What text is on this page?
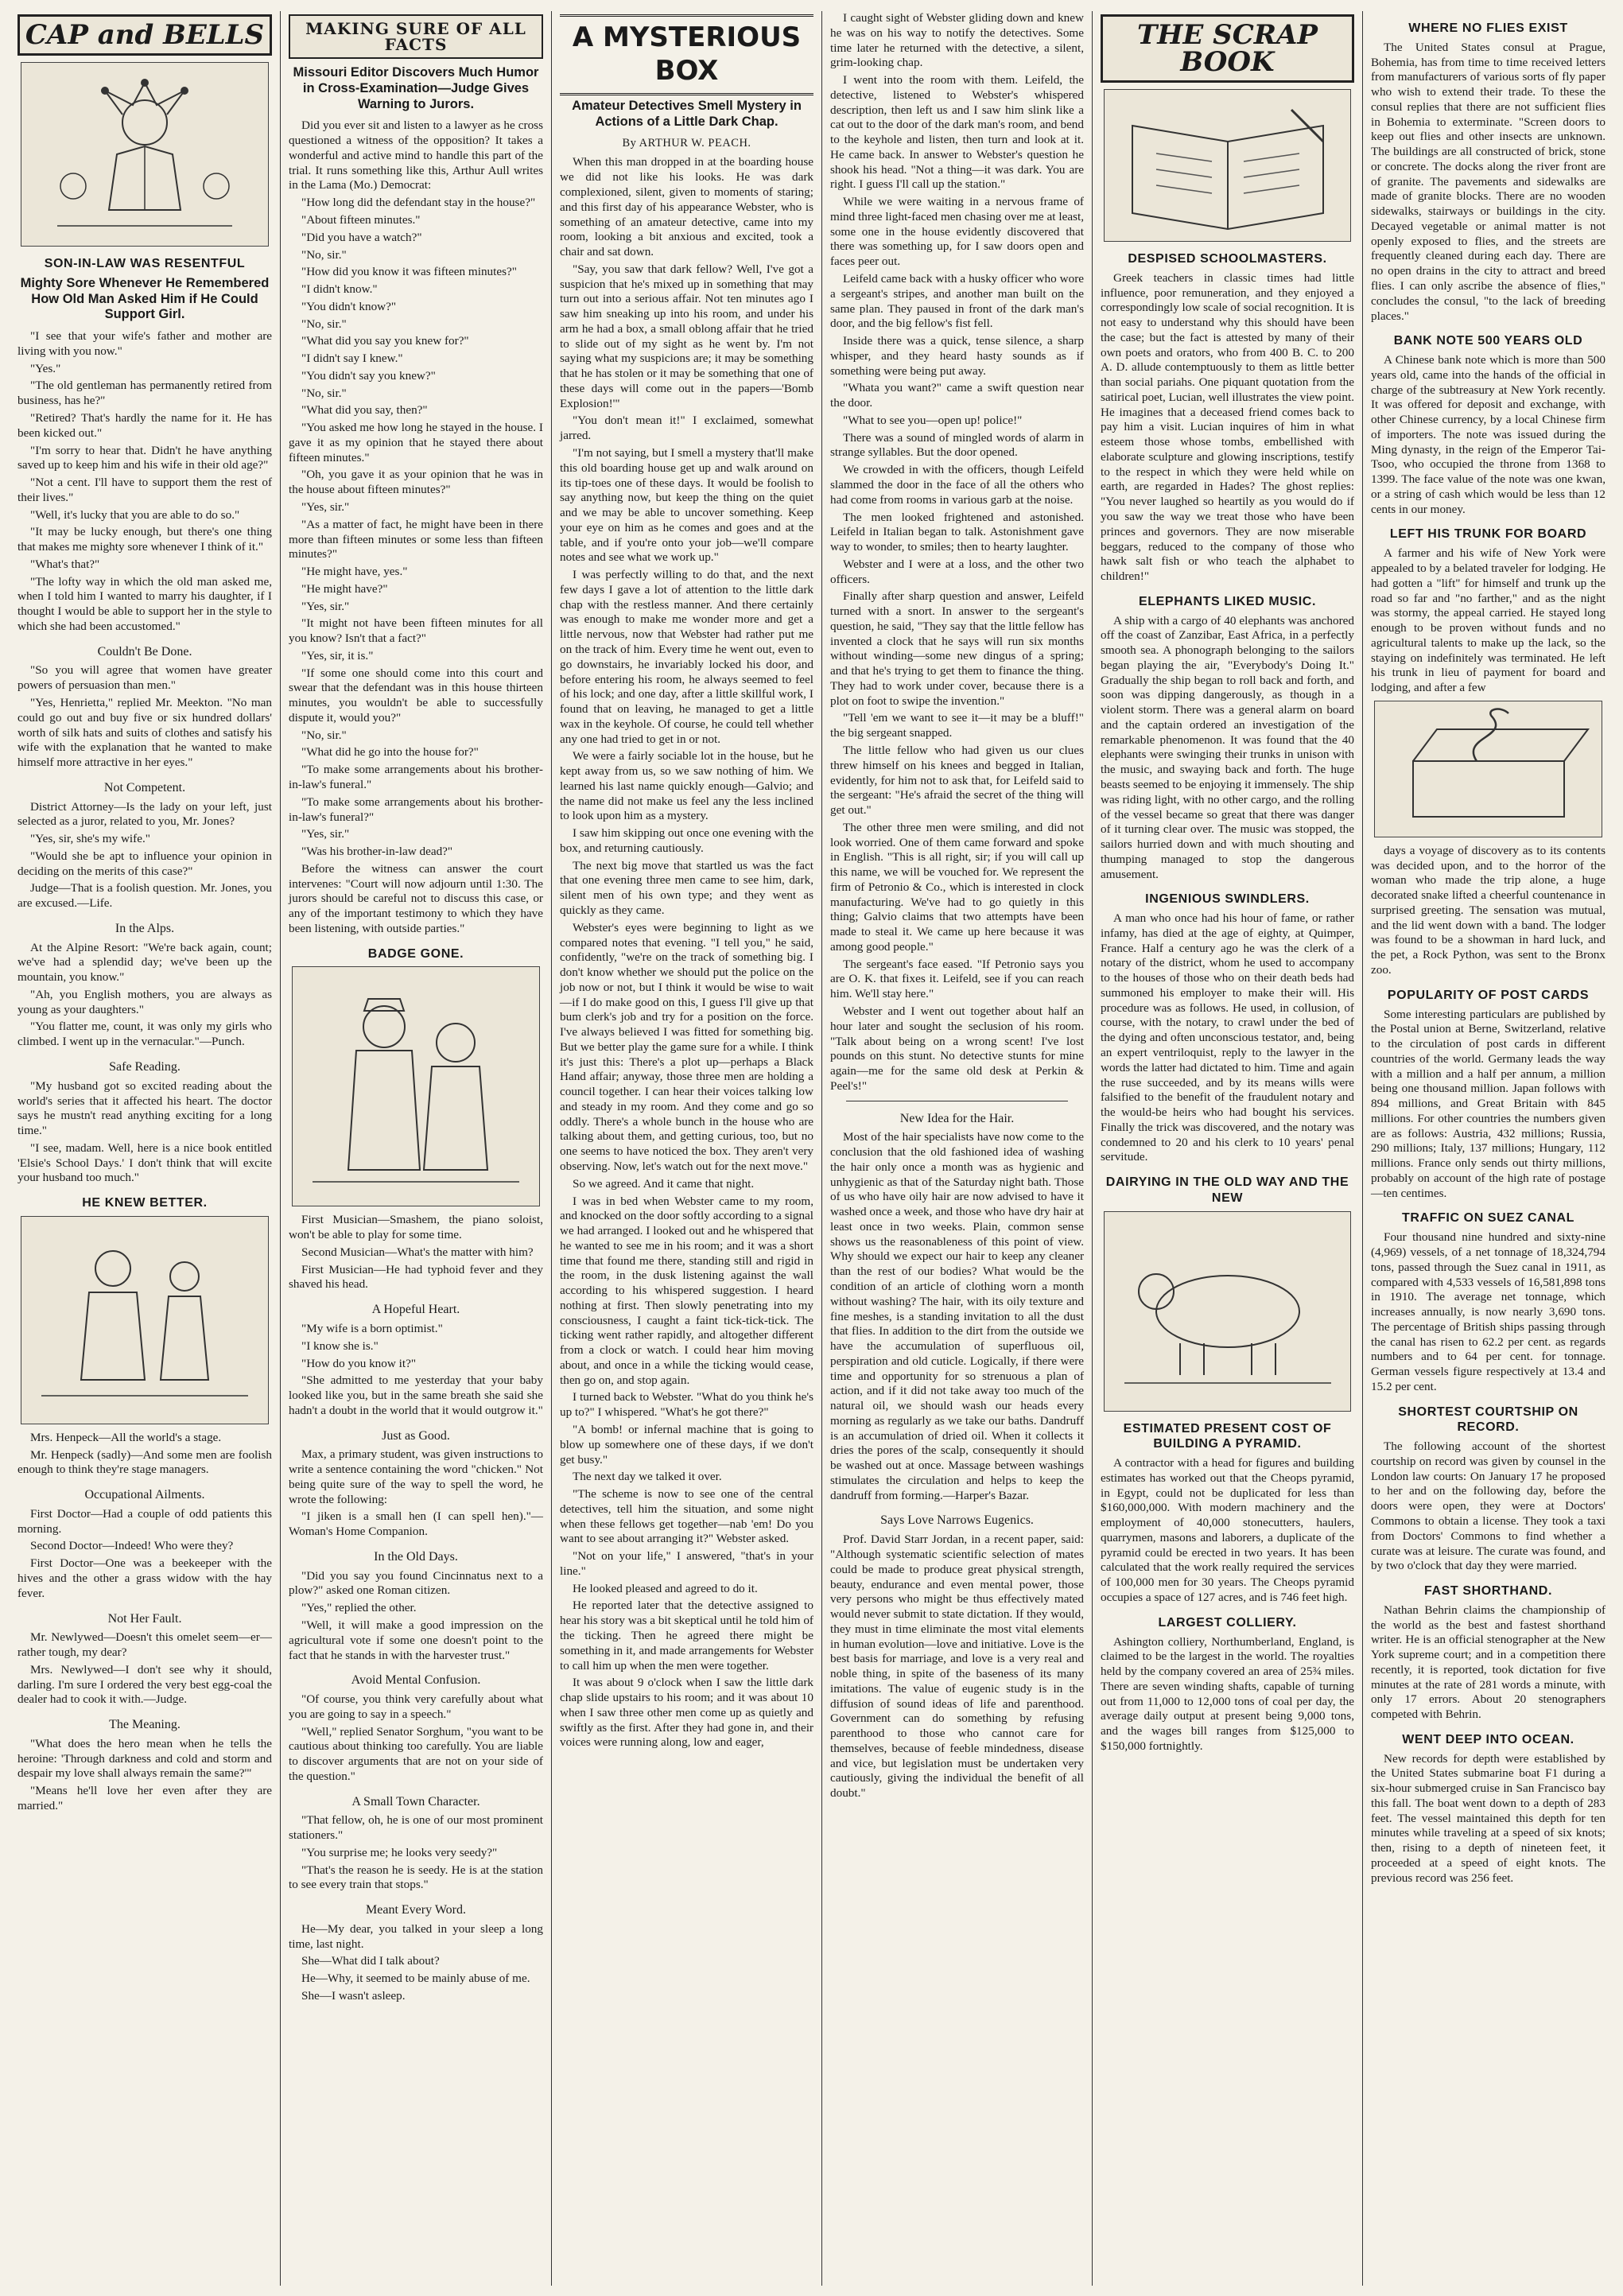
CAP and BELLS
SON-IN-LAW WAS RESENTFUL
Mighty Sore Whenever He Remembered How Old Man Asked Him if He Could Support Girl.

"I see that your wife's father and mother are living with you now."

"Yes."

"The old gentleman has permanently retired from business, has he?"

"Retired? That's hardly the name for it. He has been kicked out."

"I'm sorry to hear that. Didn't he have anything saved up to keep him and his wife in their old age?"

"Not a cent. I'll have to support them the rest of their lives."

"Well, it's lucky that you are able to do so."

"It may be lucky enough, but there's one thing that makes me mighty sore whenever I think of it."

"What's that?"

"The lofty way in which the old man asked me, when I told him I wanted to marry his daughter, if I thought I would be able to support her in the style to which she had been accustomed."

Couldn't Be Done.

"So you will agree that women have greater powers of persuasion than men."

"Yes, Henrietta," replied Mr. Meekton. "No man could go out and buy five or six hundred dollars' worth of silk hats and suits of clothes and satisfy his wife with the explanation that he wanted to make himself more attractive in her eyes."

Not Competent.

District Attorney—Is the lady on your left, just selected as a juror, related to you, Mr. Jones?

"Yes, sir, she's my wife."

"Would she be apt to influence your opinion in deciding on the merits of this case?"

Judge—That is a foolish question. Mr. Jones, you are excused.—Life.

In the Alps.

At the Alpine Resort: "We're back again, count; we've had a splendid day; we've been up the mountain, you know."

"Ah, you English mothers, you are always as young as your daughters."

"You flatter me, count, it was only my girls who climbed. I went up in the vernacular."—Punch.

Safe Reading.

"My husband got so excited reading about the world's series that it affected his heart. The doctor says he mustn't read anything exciting for a long time."

"I see, madam. Well, here is a nice book entitled 'Elsie's School Days.' I don't think that will excite your husband too much."

HE KNEW BETTER.

Mrs. Henpeck—All the world's a stage.

Mr. Henpeck (sadly)—And some men are foolish enough to think they're stage managers.

Occupational Ailments.

First Doctor—Had a couple of odd patients this morning.

Second Doctor—Indeed! Who were they?

First Doctor—One was a beekeeper with the hives and the other a grass widow with the hay fever.

Not Her Fault.

Mr. Newlywed—Doesn't this omelet seem—er—rather tough, my dear?

Mrs. Newlywed—I don't see why it should, darling. I'm sure I ordered the very best egg-coal the dealer had to cook it with.—Judge.

The Meaning.

"What does the hero mean when he tells the heroine: 'Through darkness and cold and storm and despair my love shall always remain the same?'"

"Means he'll love her even after they are married."

MAKING SURE OF ALL FACTS
Missouri Editor Discovers Much Humor in Cross-Examination—Judge Gives Warning to Jurors.

Did you ever sit and listen to a lawyer as he cross questioned a witness of the opposition? It takes a wonderful and active mind to handle this part of the trial. It runs something like this, Arthur Aull writes in the Lama (Mo.) Democrat:

"How long did the defendant stay in the house?"

"About fifteen minutes."

"Did you have a watch?"

"No, sir."

"How did you know it was fifteen minutes?"

"I didn't know."

"You didn't know?"

"No, sir."

"What did you say you knew for?"

"I didn't say I knew."

"You didn't say you knew?"

"No, sir."

"What did you say, then?"

"You asked me how long he stayed in the house. I gave it as my opinion that he stayed there about fifteen minutes."

"Oh, you gave it as your opinion that he was in the house about fifteen minutes?"

"Yes, sir."

"As a matter of fact, he might have been in there more than fifteen minutes or some less than fifteen minutes?"

"He might have, yes."

"He might have?"

"Yes, sir."

"It might not have been fifteen minutes for all you know? Isn't that a fact?"

"Yes, sir, it is."

"If some one should come into this court and swear that the defendant was in this house thirteen minutes, you wouldn't be able to successfully dispute it, would you?"

"No, sir."

"What did he go into the house for?"

"To make some arrangements about his brother-in-law's funeral."

"To make some arrangements about his brother-in-law's funeral?"

"Yes, sir."

"Was his brother-in-law dead?"

Before the witness can answer the court intervenes: "Court will now adjourn until 1:30. The jurors should be careful not to discuss this case, or any of the important testimony to which they have been listening, with outside parties."

BADGE GONE.

First Musician—Smashem, the piano soloist, won't be able to play for some time.

Second Musician—What's the matter with him?

First Musician—He had typhoid fever and they shaved his head.

A Hopeful Heart.

"My wife is a born optimist."

"I know she is."

"How do you know it?"

"She admitted to me yesterday that your baby looked like you, but in the same breath she said she hadn't a doubt in the world that it would outgrow it."

Just as Good.

Max, a primary student, was given instructions to write a sentence containing the word "chicken." Not being quite sure of the way to spell the word, he wrote the following:

"I jiken is a small hen (I can spell hen)."—Woman's Home Companion.

In the Old Days.

"Did you say you found Cincinnatus next to a plow?" asked one Roman citizen.

"Yes," replied the other.

"Well, it will make a good impression on the agricultural vote if some one doesn't point to the fact that he stands in with the harvester trust."

Avoid Mental Confusion.

"Of course, you think very carefully about what you are going to say in a speech."

"Well," replied Senator Sorghum, "you want to be cautious about thinking too carefully. You are liable to discover arguments that are not on your side of the question."

A Small Town Character.

"That fellow, oh, he is one of our most prominent stationers."

"You surprise me; he looks very seedy?"

"That's the reason he is seedy. He is at the station to see every train that stops."

Meant Every Word.

He—My dear, you talked in your sleep a long time, last night.

She—What did I talk about?

He—Why, it seemed to be mainly abuse of me.

She—I wasn't asleep.

A MYSTERIOUS BOX
Amateur Detectives Smell Mystery in Actions of a Little Dark Chap.
By ARTHUR W. PEACH.

When this man dropped in at the boarding house we did not like his looks. He was dark complexioned, silent, given to moments of staring; and this first day of his appearance Webster, who is something of an amateur detective, came into my room, looking a bit anxious and excited, took a chair and sat down.

"Say, you saw that dark fellow? Well, I've got a suspicion that he's mixed up in something that may turn out into a serious affair. Not ten minutes ago I saw him sneaking up into his room, and under his arm he had a box, a small oblong affair that he tried to slide out of my sight as he went by. I'm not saying what my suspicions are; it may be something that he has stolen or it may be something that one of these days will come out in the papers—'Bomb Explosion!'"

"You don't mean it!" I exclaimed, somewhat jarred.

"I'm not saying, but I smell a mystery that'll make this old boarding house get up and walk around on its tip-toes one of these days. It would be foolish to say anything now, but keep the thing on the quiet and we may be able to uncover something. Keep your eye on him as he comes and goes and at the table, and if you're onto your job—we'll compare notes and see what we work up."

I was perfectly willing to do that, and the next few days I gave a lot of attention to the little dark chap with the restless manner. And there certainly was enough to make me wonder more and get a little nervous, now that Webster had rather put me on the track of him. Every time he went out, even to go downstairs, he invariably locked his door, and before entering his room, he always seemed to feel of his lock; and one day, after a little skillful work, I found that on leaving, he managed to get a little wax in the keyhole. Of course, he could tell whether any one had tried to get in or not.

We were a fairly sociable lot in the house, but he kept away from us, so we saw nothing of him. We learned his last name quickly enough—Galvio; and the name did not make us feel any the less inclined to look upon him as a mystery.

I saw him skipping out once one evening with the box, and returning cautiously.

The next big move that startled us was the fact that one evening three men came to see him, dark, silent men of his own type; and they went as quickly as they came.

Webster's eyes were beginning to light as we compared notes that evening. "I tell you," he said, confidently, "we're on the track of something big. I don't know whether we should put the police on the job now or not, but I think it would be wise to wait—if I do make good on this, I guess I'll give up that bum clerk's job and try for a position on the force. I've always believed I was fitted for something big. But we better play the game sure for a while. I think it's just this: There's a plot up—perhaps a Black Hand affair; anyway, those three men are holding a council together. I can hear their voices talking low and steady in my room. And they come and go so oddly. There's a whole bunch in the house who are talking about them, and getting curious, too, but no one seems to have noticed the box. They aren't very observing. Now, let's watch out for the next move."

So we agreed. And it came that night.

I was in bed when Webster came to my room, and knocked on the door softly according to a signal we had arranged. I looked out and he whispered that he wanted to see me in his room; and it was a short time that found me there, standing still and rigid in the room, in the dusk listening against the wall according to his whispered suggestion. I heard nothing at first. Then slowly penetrating into my consciousness, I caught a faint tick-tick-tick. The ticking went rather rapidly, and altogether different from a clock or watch. I could hear him moving about, and once in a while the ticking would cease, then go on, and stop again.

I turned back to Webster. "What do you think he's up to?" I whispered. "What's he got there?"

"A bomb! or infernal machine that is going to blow up somewhere one of these days, if we don't get busy."

The next day we talked it over.

"The scheme is now to see one of the central detectives, tell him the situation, and some night when these fellows get together—nab 'em! Do you want to see about arranging it?" Webster asked.

"Not on your life," I answered, "that's in your line."

He looked pleased and agreed to do it.

He reported later that the detective assigned to hear his story was a bit skeptical until he told him of the ticking. Then he agreed there might be something in it, and made arrangements for Webster to call him up when the men were together.

It was about 9 o'clock when I saw the little dark chap slide upstairs to his room; and it was about 10 when I saw three other men come up as quietly and swiftly as the first. After they had gone in, and their voices were running along, low and eager,

I caught sight of Webster gliding down and knew he was on his way to notify the detectives. Some time later he returned with the detective, a silent, grim-looking chap.

I went into the room with them. Leifeld, the detective, listened to Webster's whispered description, then left us and I saw him slink like a cat out to the door of the dark man's room, and bend to the keyhole and listen, then turn and look at it. He came back. In answer to Webster's question he shook his head. "Not a thing—it was dark. You are right. I guess I'll call up the station."

While we were waiting in a nervous frame of mind three light-faced men chasing over me at least, some one in the house evidently discovered that there was something up, for I saw doors open and faces peer out.

Leifeld came back with a husky officer who wore a sergeant's stripes, and another man built on the same plan. They paused in front of the dark man's door, and the big fellow's fist fell.

Inside there was a quick, tense silence, a sharp whisper, and they heard hasty sounds as if something were being put away.

"Whata you want?" came a swift question near the door.

"What to see you—open up! police!"

There was a sound of mingled words of alarm in strange syllables. But the door opened.

We crowded in with the officers, though Leifeld slammed the door in the face of all the others who had come from rooms in various garb at the noise.

The men looked frightened and astonished. Leifeld in Italian began to talk. Astonishment gave way to wonder, to smiles; then to hearty laughter.

Webster and I were at a loss, and the other two officers.

Finally after sharp question and answer, Leifeld turned with a snort. In answer to the sergeant's question, he said, "They say that the little fellow has invented a clock that he says will run six months without winding—some new dingus of a spring; and that he's trying to get them to finance the thing. They had to work under cover, because there is a plot on foot to swipe the invention."

"Tell 'em we want to see it—it may be a bluff!" the big sergeant snapped.

The little fellow who had given us our clues threw himself on his knees and begged in Italian, evidently, for him not to ask that, for Leifeld said to the sergeant: "He's afraid the secret of the thing will get out."

The other three men were smiling, and did not look worried. One of them came forward and spoke in English. "This is all right, sir; if you will call up this name, we will be vouched for. We represent the firm of Petronio & Co., which is interested in clock manufacturing. We've had to go quietly in this thing; Galvio claims that two attempts have been made to steal it. We came up here because it was among good people."

The sergeant's face eased. "If Petronio says you are O. K. that fixes it. Leifeld, see if you can reach him. We'll stay here."

Webster and I went out together about half an hour later and sought the seclusion of his room. "Talk about being on a wrong scent! I've lost pounds on this stunt. No detective stunts for mine again—me for the same old desk at Perkin & Peel's!"

New Idea for the Hair.

Most of the hair specialists have now come to the conclusion that the old fashioned idea of washing the hair only once a month was as hygienic and unhygienic as that of the Saturday night bath. Those of us who have oily hair are now advised to have it washed once a week, and those who have dry hair at least once in two weeks. Plain, common sense shows us the reasonableness of this point of view. Why should we expect our hair to keep any cleaner than the rest of our bodies? What would be the condition of an article of clothing worn a month without washing? The hair, with its oily texture and fine meshes, is a standing invitation to all the dust that flies. In addition to the dirt from the outside we have the accumulation of superfluous oil, perspiration and old cuticle. Logically, if there were time and opportunity for so strenuous a plan of action, and if it did not take away too much of the natural oil, we should wash our heads every morning as regularly as we take our baths. Dandruff is an accumulation of dried oil. When it collects it dries the pores of the scalp, consequently it should be washed out at once. Massage between washings stimulates the circulation and helps to keep the dandruff from forming.—Harper's Bazar.

Says Love Narrows Eugenics.

Prof. David Starr Jordan, in a recent paper, said: "Although systematic scientific selection of mates could be made to produce great physical strength, beauty, endurance and even mental power, those very persons who might be thus effectively mated would never submit to state dictation. If they would, they must in time eliminate the most vital elements in human evolution—love and initiative. Love is the best basis for marriage, and love is a very real and noble thing, in spite of the baseness of its many imitations. The value of eugenic study is in the diffusion of sound ideas of life and parenthood. Government can do something by refusing parenthood to those who cannot care for themselves, because of feeble mindedness, disease and vice, but legislation must be undertaken very cautiously, giving the individual the benefit of all doubt."

THE SCRAP BOOK
DESPISED SCHOOLMASTERS.

Greek teachers in classic times had little influence, poor remuneration, and they enjoyed a correspondingly low scale of social recognition. It is not easy to understand why this should have been the case; but the fact is attested by many of their own poets and orators, who from 400 B. C. to 200 A. D. allude contemptuously to them as little better than social pariahs. One piquant quotation from the satirical poet, Lucian, well illustrates the view point. He imagines that a deceased friend comes back to pay him a visit. Lucian inquires of him in what esteem those whose tombs, embellished with elaborate sculpture and glowing inscriptions, testify to the respect in which they were held while on earth, are regarded in Hades? The ghost replies: "You never laughed so heartily as you would do if you saw the way we treat those who have been princes and governors. They are now miserable beggars, reduced to the company of those who hawk salt fish or who teach the alphabet to children!"

ELEPHANTS LIKED MUSIC.

A ship with a cargo of 40 elephants was anchored off the coast of Zanzibar, East Africa, in a perfectly smooth sea. A phonograph belonging to the sailors began playing the air, "Everybody's Doing It." Gradually the ship began to roll back and forth, and soon was dipping dangerously, as though in a violent storm. There was a general alarm on board and the captain ordered an investigation of the remarkable phenomenon. It was found that the 40 elephants were swinging their trunks in unison with the music, and swaying back and forth. The huge beasts seemed to be enjoying it immensely. The ship was riding light, with no other cargo, and the rolling of the vessel became so great that there was danger of it turning clear over. The music was stopped, the sailors hurried down and with much shouting and thumping managed to stop the dangerous amusement.

INGENIOUS SWINDLERS.

A man who once had his hour of fame, or rather infamy, has died at the age of eighty, at Quimper, France. Half a century ago he was the clerk of a notary of the district, whom he used to accompany to the houses of those who on their death beds had summoned his employer to make their will. His procedure was as follows. He used, in collusion, of course, with the notary, to crawl under the bed of the dying and often unconscious testator, and, being an expert ventriloquist, reply to the lawyer in the words the latter had dictated to him. Time and again the ruse succeeded, and by its means wills were falsified to the benefit of the fraudulent notary and the would-be heirs who had bought his services. Finally the trick was discovered, and the notary was condemned to 20 and his clerk to 10 years' penal servitude.

DAIRYING IN THE OLD WAY AND THE NEW
ESTIMATED PRESENT COST OF BUILDING A PYRAMID.

A contractor with a head for figures and building estimates has worked out that the Cheops pyramid, in Egypt, could not be duplicated for less than $160,000,000. With modern machinery and the employment of 40,000 stonecutters, haulers, quarrymen, masons and laborers, a duplicate of the pyramid could be erected in two years. It has been calculated that the work really required the services of 100,000 men for 30 years. The Cheops pyramid occupies a space of 127 acres, and is 746 feet high.

LARGEST COLLIERY.

Ashington colliery, Northumberland, England, is claimed to be the largest in the world. The royalties held by the company covered an area of 25¾ miles. There are seven winding shafts, capable of turning out from 11,000 to 12,000 tons of coal per day, the average daily output at present being 9,000 tons, and the wages bill ranges from $125,000 to $150,000 fortnightly.

WHERE NO FLIES EXIST

The United States consul at Prague, Bohemia, has from time to time received letters from manufacturers of various sorts of fly paper who wish to extend their trade. To these the consul replies that there are not sufficient flies in Bohemia to exterminate. "Screen doors to keep out flies and other insects are unknown. The buildings are all constructed of brick, stone or concrete. The docks along the river front are of granite. The pavements and sidewalks are made of granite blocks. There are no wooden sidewalks, stairways or buildings in the city. Decayed vegetable or animal matter is not openly exposed to flies, and the streets are frequently cleaned during each day. There are no open drains in the city to attract and breed flies. I can only ascribe the absence of flies," concludes the consul, "to the lack of breeding places."

BANK NOTE 500 YEARS OLD

A Chinese bank note which is more than 500 years old, came into the hands of the official in charge of the subtreasury at New York recently. It was offered for deposit and exchange, with other Chinese currency, by a local Chinese firm of importers. The note was issued during the Ming dynasty, in the reign of the Emperor Tai-Tsoo, who occupied the throne from 1368 to 1399. The face value of the note was one kwan, or a string of cash which would be less than 12 cents in our money.

LEFT HIS TRUNK FOR BOARD

A farmer and his wife of New York were appealed to by a belated traveler for lodging. He had gotten a "lift" for himself and trunk up the road so far and "no farther," and as the night was stormy, the appeal carried. He stayed long enough to be proven without funds and no agricultural talents to make up the lack, so the staying on indefinitely was terminated. He left his trunk in lieu of payment for board and lodging, and after a few

days a voyage of discovery as to its contents was decided upon, and to the horror of the woman who made the trip alone, a huge decorated snake lifted a cheerful countenance in surprised greeting. The sensation was mutual, and the lid went down with a band. The lodger was found to be a showman in hard luck, and the pet, a Rock Python, was sent to the Bronx zoo.

POPULARITY OF POST CARDS

Some interesting particulars are published by the Postal union at Berne, Switzerland, relative to the circulation of post cards in different countries of the world. Germany leads the way with a million and a half per annum, a million being one thousand million. Japan follows with 894 millions, and Great Britain with 845 millions. For other countries the numbers given are as follows: Austria, 432 millions; Russia, 290 millions; Italy, 137 millions; Hungary, 112 millions. France only sends out thirty millions, probably on account of the high rate of postage—ten centimes.

TRAFFIC ON SUEZ CANAL

Four thousand nine hundred and sixty-nine (4,969) vessels, of a net tonnage of 18,324,794 tons, passed through the Suez canal in 1911, as compared with 4,533 vessels of 16,581,898 tons in 1910. The average net tonnage, which increases annually, is now nearly 3,690 tons. The percentage of British ships passing through the canal has risen to 62.2 per cent. as regards numbers and to 64 per cent. for tonnage. German vessels figure respectively at 13.4 and 15.2 per cent.

SHORTEST COURTSHIP ON RECORD.

The following account of the shortest courtship on record was given by counsel in the London law courts: On January 17 he proposed to her and on the following day, before the doors were open, they were at Doctors' Commons to obtain a license. They took a taxi from Doctors' Commons to find whether a curate was at leisure. The curate was found, and by two o'clock that day they were married.

FAST SHORTHAND.

Nathan Behrin claims the championship of the world as the best and fastest shorthand writer. He is an official stenographer at the New York supreme court; and in a competition there recently, it is reported, took dictation for five minutes at the rate of 281 words a minute, with only 17 errors. About 20 stenographers competed with Behrin.

WENT DEEP INTO OCEAN.

New records for depth were established by the United States submarine boat F1 during a six-hour submerged cruise in San Francisco bay this fall. The boat went down to a depth of 283 feet. The vessel maintained this depth for ten minutes while traveling at a speed of six knots; then, rising to a depth of nineteen feet, it proceeded at a speed of eight knots. The previous record was 256 feet.
